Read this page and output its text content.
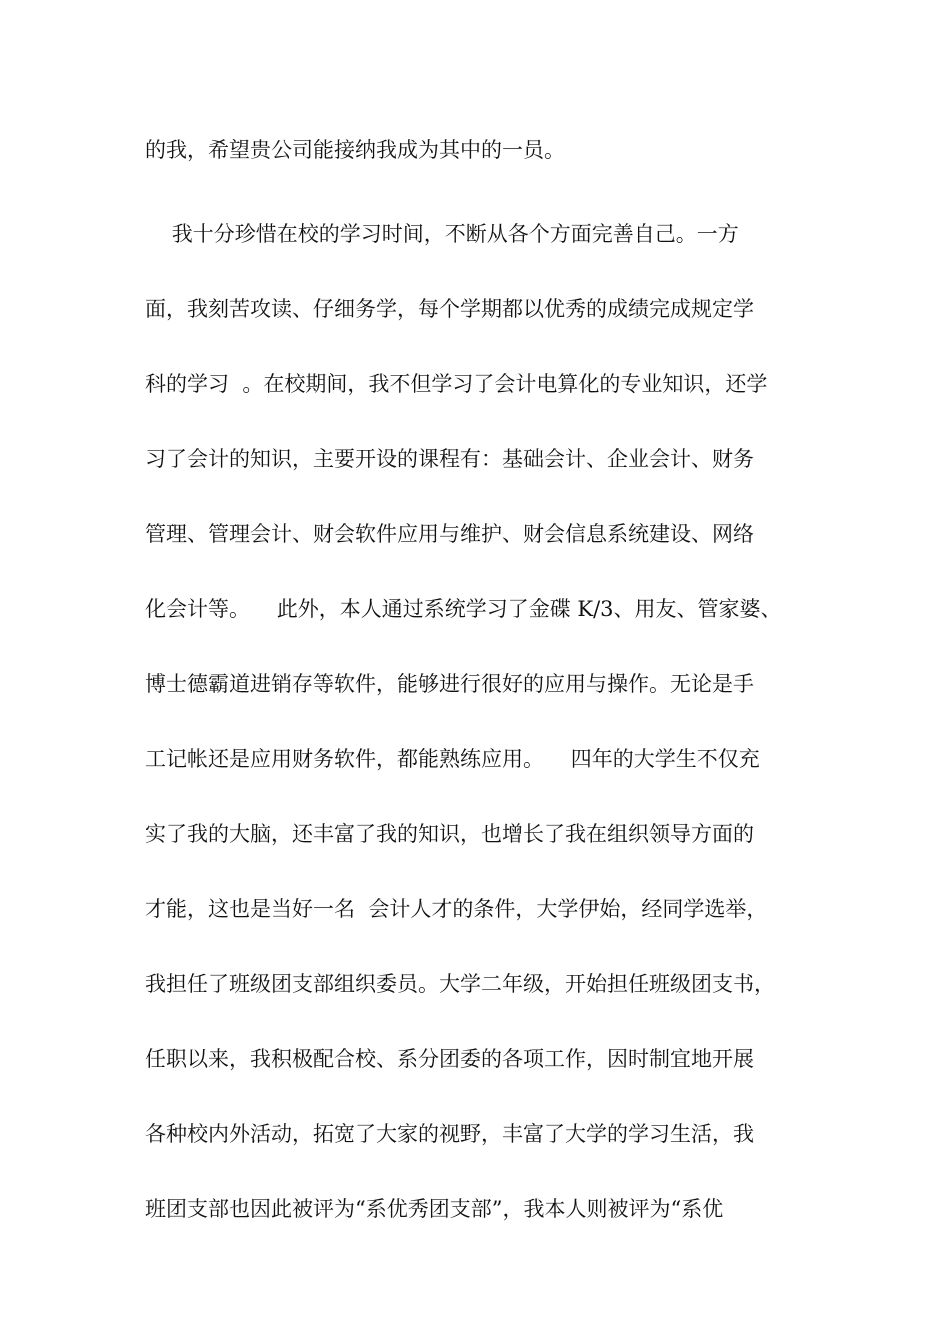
的我，希望贵公司能接纳我成为其中的一员。

我十分珍惜在校的学习时间，不断从各个方面完善自己。一方

面，我刻苦攻读、仔细务学，每个学期都以优秀的成绩完成规定学

科的学习  。在校期间，我不但学习了会计电算化的专业知识，还学

习了会计的知识，主要开设的课程有：基础会计、企业会计、财务

管理、管理会计、财会软件应用与维护、财会信息系统建设、网络

化会计等。    此外，本人通过系统学习了金碟 K/3、用友、管家婆、

博士德霸道进销存等软件，能够进行很好的应用与操作。无论是手

工记帐还是应用财务软件，都能熟练应用。    四年的大学生不仅充

实了我的大脑，还丰富了我的知识，也增长了我在组织领导方面的

才能，这也是当好一名  会计人才的条件，大学伊始，经同学选举，

我担任了班级团支部组织委员。大学二年级，开始担任班级团支书，

任职以来，我积极配合校、系分团委的各项工作，因时制宜地开展

各种校内外活动，拓宽了大家的视野，丰富了大学的学习生活，我

班团支部也因此被评为“系优秀团支部”，我本人则被评为“系优
